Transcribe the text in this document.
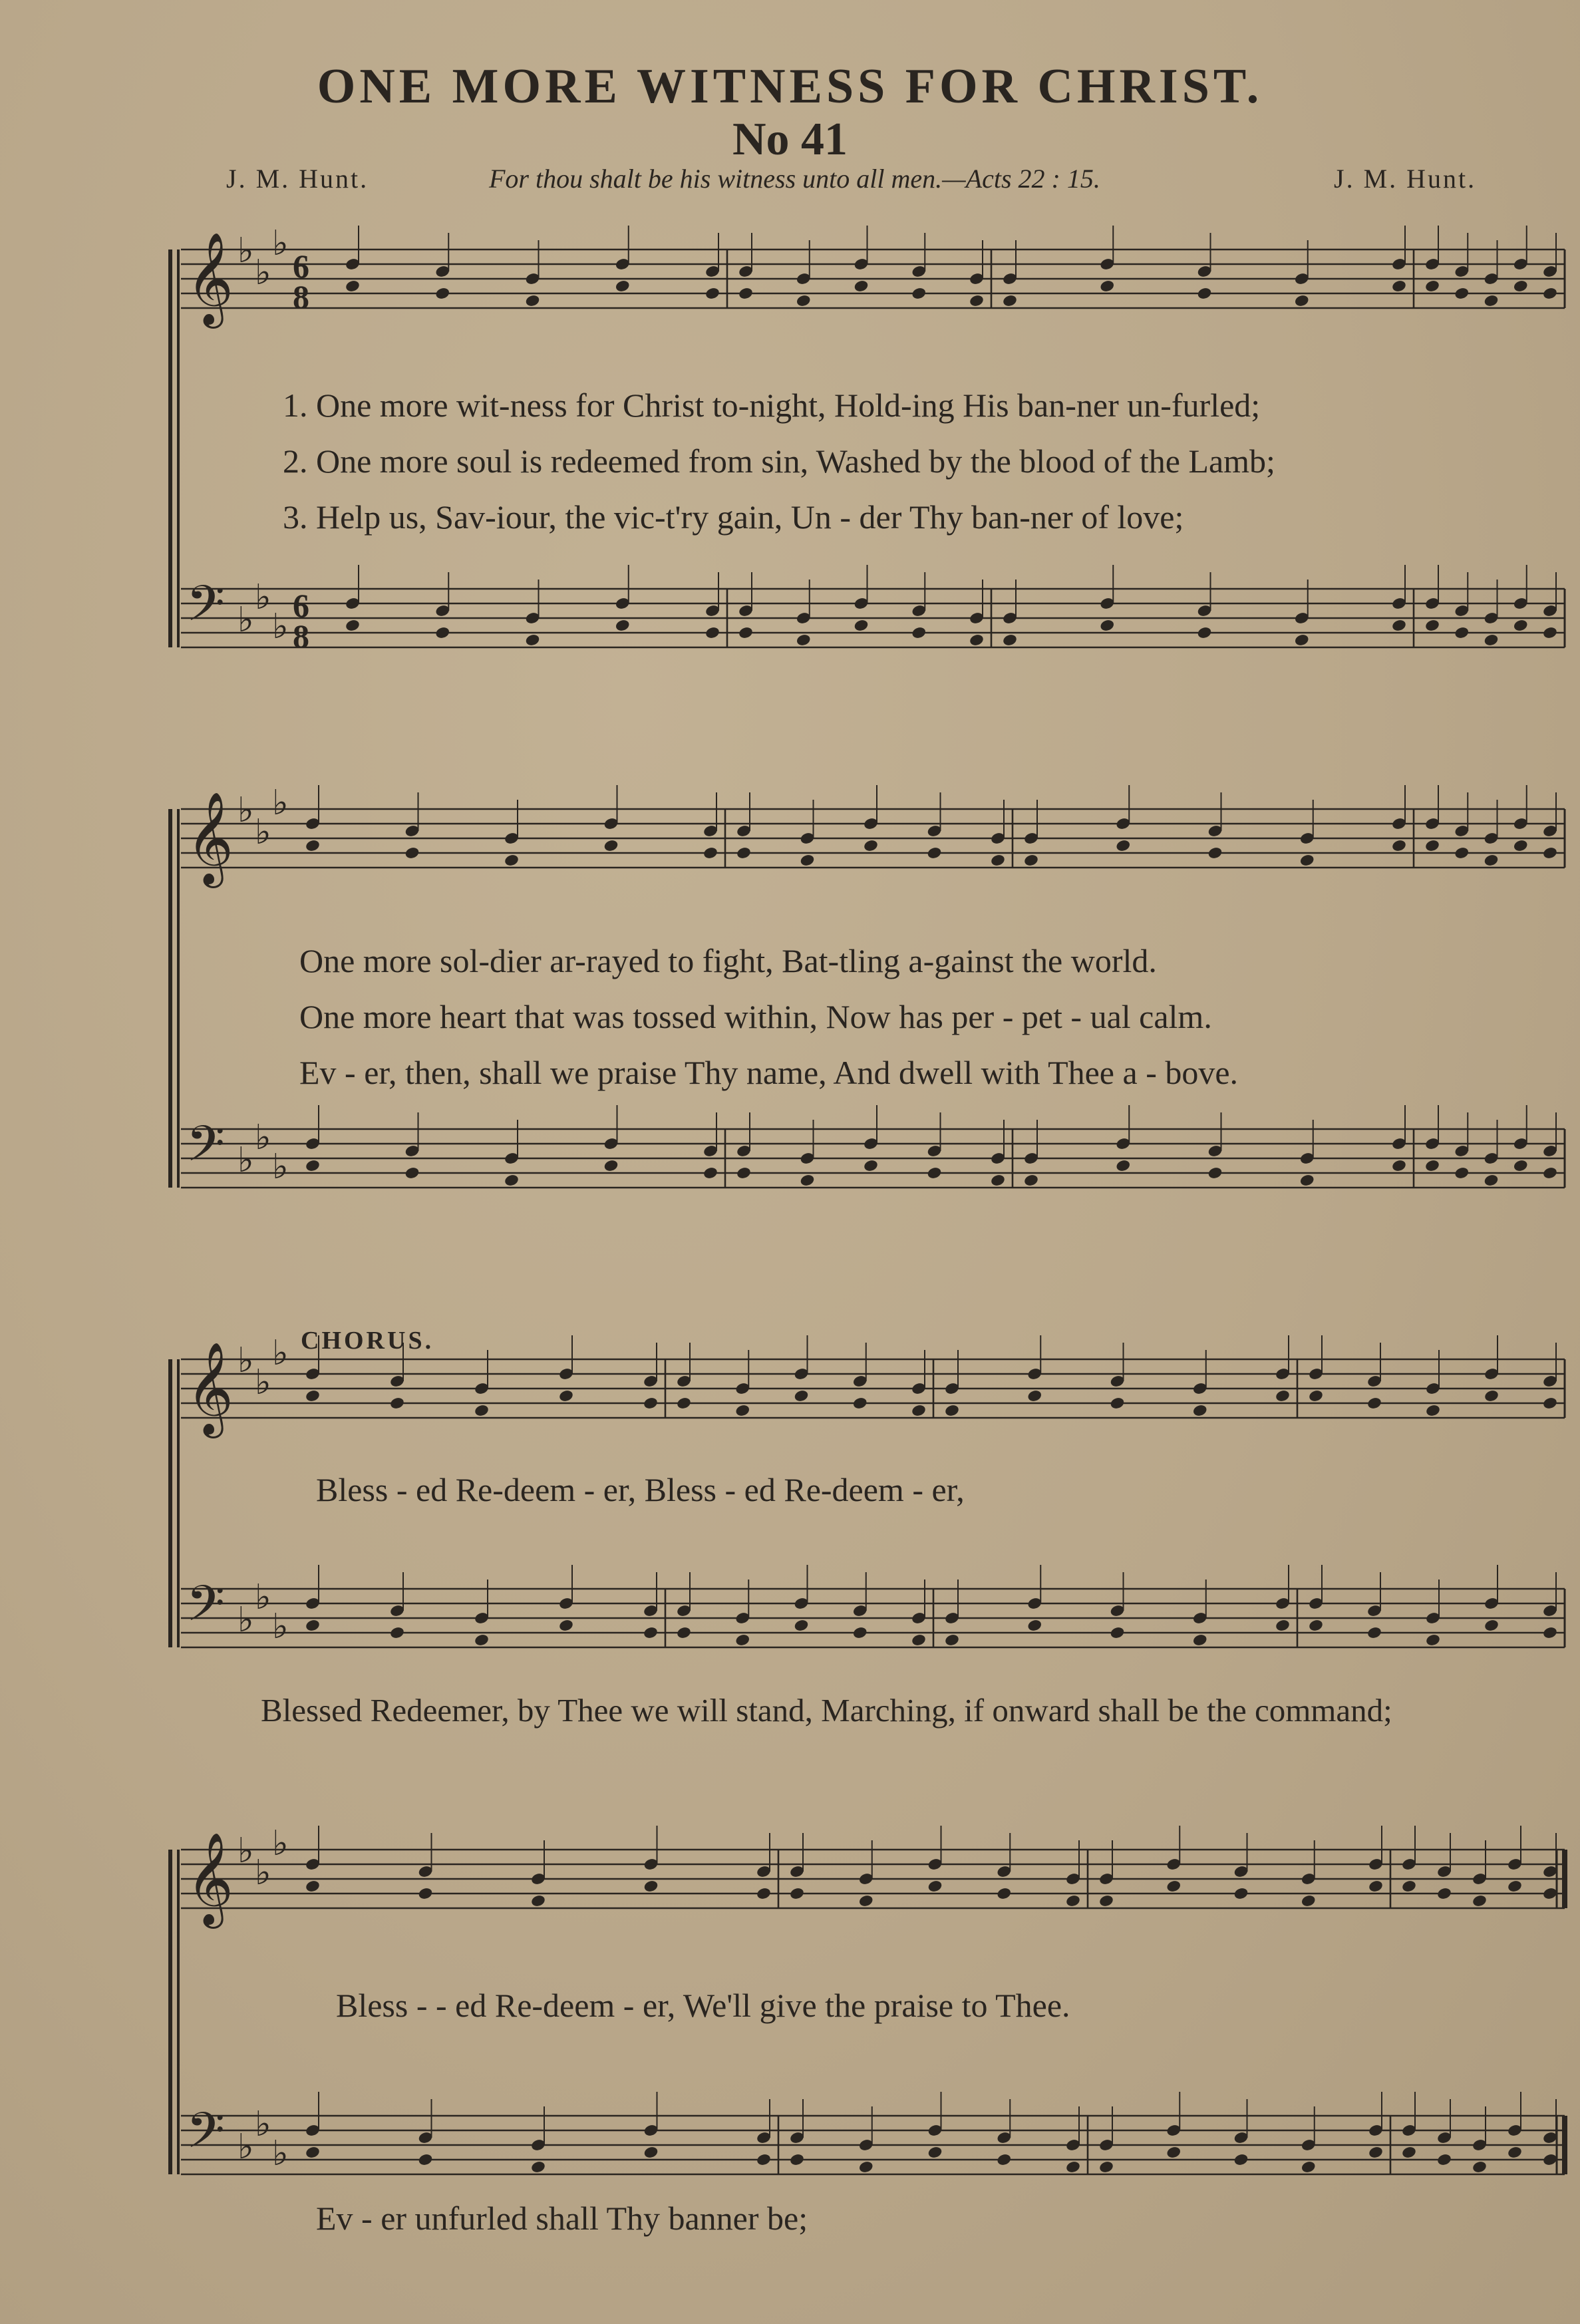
ONE MORE WITNESS FOR CHRIST.
No 41
J. M. Hunt.	For thou shalt be his witness unto all men.—Acts 22 : 15.	J. M. Hunt.
𝄞 ♭
♭
♭
6
8
𝄢 ♭
♭
♭
6
8
𝄞 ♭
♭
♭
𝄢 ♭
♭
♭
𝄞 ♭
♭
♭
𝄢 ♭
♭
♭
𝄞 ♭
♭
♭
𝄢 ♭
♭
♭
1. One more wit-ness for Christ to-night, Hold-ing His ban-ner un-furled;
2. One more soul is redeemed from sin, Washed by the blood of the Lamb;
3. Help us, Sav-iour, the vic-t'ry gain, Un - der Thy ban-ner of love;
One more sol-dier ar-rayed to fight, Bat-tling a-gainst the world.
One more heart that was tossed within, Now has per - pet - ual calm.
Ev - er, then, shall we praise Thy name, And dwell with Thee a - bove.
CHORUS.
Bless - ed Re-deem - er, Bless - ed Re-deem - er,
Blessed Redeemer, by Thee we will stand, Marching, if onward shall be the command;
Bless - - ed Re-deem - er, We'll give the praise to Thee.
Ev - er unfurled shall Thy banner be;
